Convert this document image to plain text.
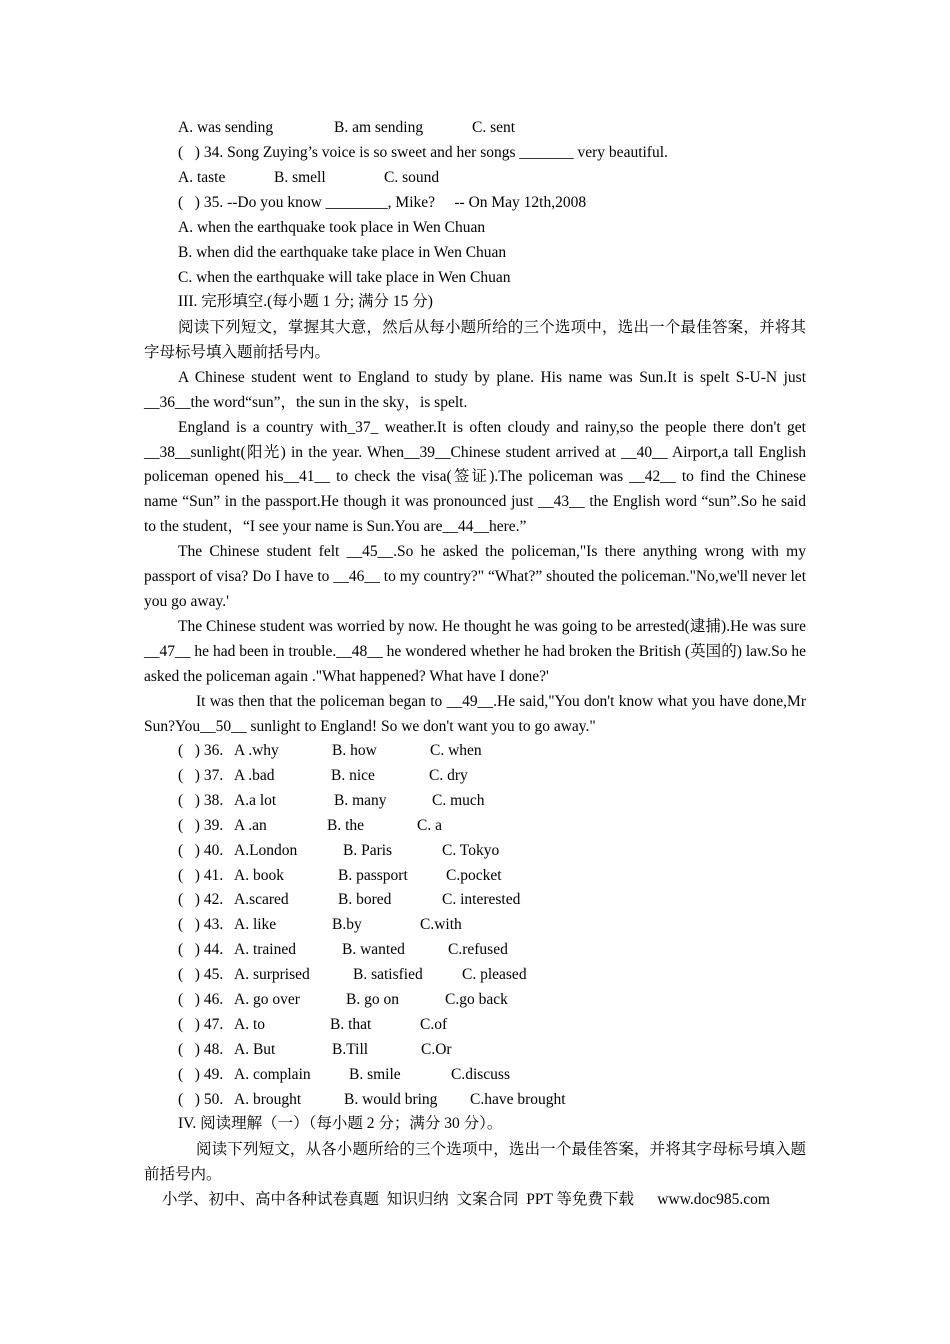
A. was sending	B. am sending	C. sent
(   ) 34. Song Zuying’s voice is so sweet and her songs _______ very beautiful.
A. taste	B. smell	C. sound
(   ) 35. --Do you know ________, Mike?     -- On May 12th,2008
A. when the earthquake took place in Wen Chuan
B. when did the earthquake take place in Wen Chuan
C. when the earthquake will take place in Wen Chuan
III. 完形填空.(每小题 1 分; 满分 15 分)

阅读下列短文，掌握其大意，然后从每小题所给的三个选项中，选出一个最佳答案，并将其字母标号填入题前括号内。

A Chinese student went to England to study by plane. His name was Sun.It is spelt S-U-N just __36__the word“sun”，the sun in the sky，is spelt.

England is a country with_37_ weather.It is often cloudy and rainy,so the people there don't get __38__sunlight(阳光) in the year. When__39__Chinese student arrived at __40__ Airport,a tall English policeman opened his__41__ to check the visa(签证).The policeman was __42__ to find the Chinese name “Sun” in the passport.He though it was pronounced just __43__ the English word “sun”.So he said to the student，“I see your name is Sun.You are__44__here.”

The Chinese student felt __45__.So he asked the policeman,"Is there anything wrong with my passport of visa? Do I have to __46__ to my country?" “What?” shouted the policeman."No,we'll never let you go away.'

The Chinese student was worried by now. He thought he was going to be arrested(逮捕).He was sure __47__ he had been in trouble.__48__ he wondered whether he had broken the British (英国的) law.So he asked the policeman again ."What happened? What have I done?'

It was then that the policeman began to __49__.He said,"You don't know what you have done,Mr Sun?You__50__ sunlight to England! So we don't want you to go away."

(   ) 36. A .why	B. how	C. when
(   ) 37. A .bad	B. nice	C. dry
(   ) 38. A.a lot	B. many	C. much
(   ) 39. A .an	B. the	C. a
(   ) 40. A.London	B. Paris	C. Tokyo
(   ) 41. A. book	B. passport C.pocket
(   ) 42. A.scared	B. bored	C. interested
(   ) 43. A. like	B.by	C.with
(   ) 44. A. trained	B. wanted	C.refused
(   ) 45. A. surprised	B. satisfied	C. pleased
(   ) 46. A. go over	B. go on	C.go back
(   ) 47. A. to	B. that	C.of
(   ) 48. A. But	B.Till	C.Or
(   ) 49. A. complain B. smile	C.discuss
(   ) 50. A. brought	B. would bring C.have brought
IV. 阅读理解（一）（每小题 2 分；满分 30 分）。

阅读下列短文，从各小题所给的三个选项中，选出一个最佳答案，并将其字母标号填入题前括号内。

小学、初中、高中各种试卷真题  知识归纳  文案合同  PPT 等免费下载      www.doc985.com
